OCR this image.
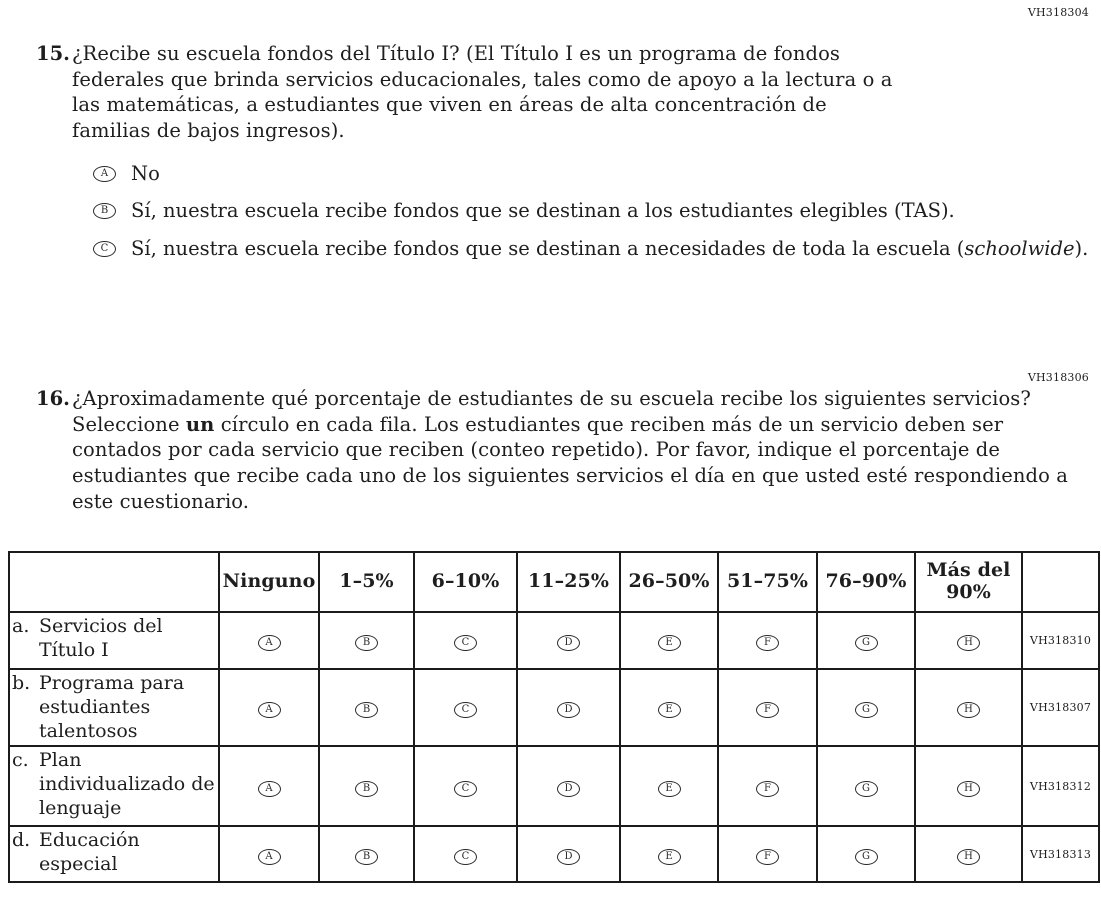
VH318304
15. ¿Recibe su escuela fondos del Título I? (El Título I es un programa de fondos federales que brinda servicios educacionales, tales como de apoyo a la lectura o a las matemáticas, a estudiantes que viven en áreas de alta concentración de familias de bajos ingresos).
A	No
B	Sí, nuestra escuela recibe fondos que se destinan a los estudiantes elegibles (TAS).
C	Sí, nuestra escuela recibe fondos que se destinan a necesidades de toda la escuela (schoolwide).
VH318306
16. ¿Aproximadamente qué porcentaje de estudiantes de su escuela recibe los siguientes servicios? Seleccione un círculo en cada fila. Los estudiantes que reciben más de un servicio deben ser contados por cada servicio que reciben (conteo repetido). Por favor, indique el porcentaje de estudiantes que recibe cada uno de los siguientes servicios el día en que usted esté respondiendo a este cuestionario.
	Ninguno	1–5%	6–10%	11–25%	26–50%	51–75%	76–90%	Más del 90%	

a. Servicios del Título I	A	B	C	D	E	F	G	H	VH318310

b. Programa para estudiantes talentosos	A	B	C	D	E	F	G	H	VH318307

c. Plan individualizado de lenguaje	A	B	C	D	E	F	G	H	VH318312

d. Educación especial	A	B	C	D	E	F	G	H	VH318313
